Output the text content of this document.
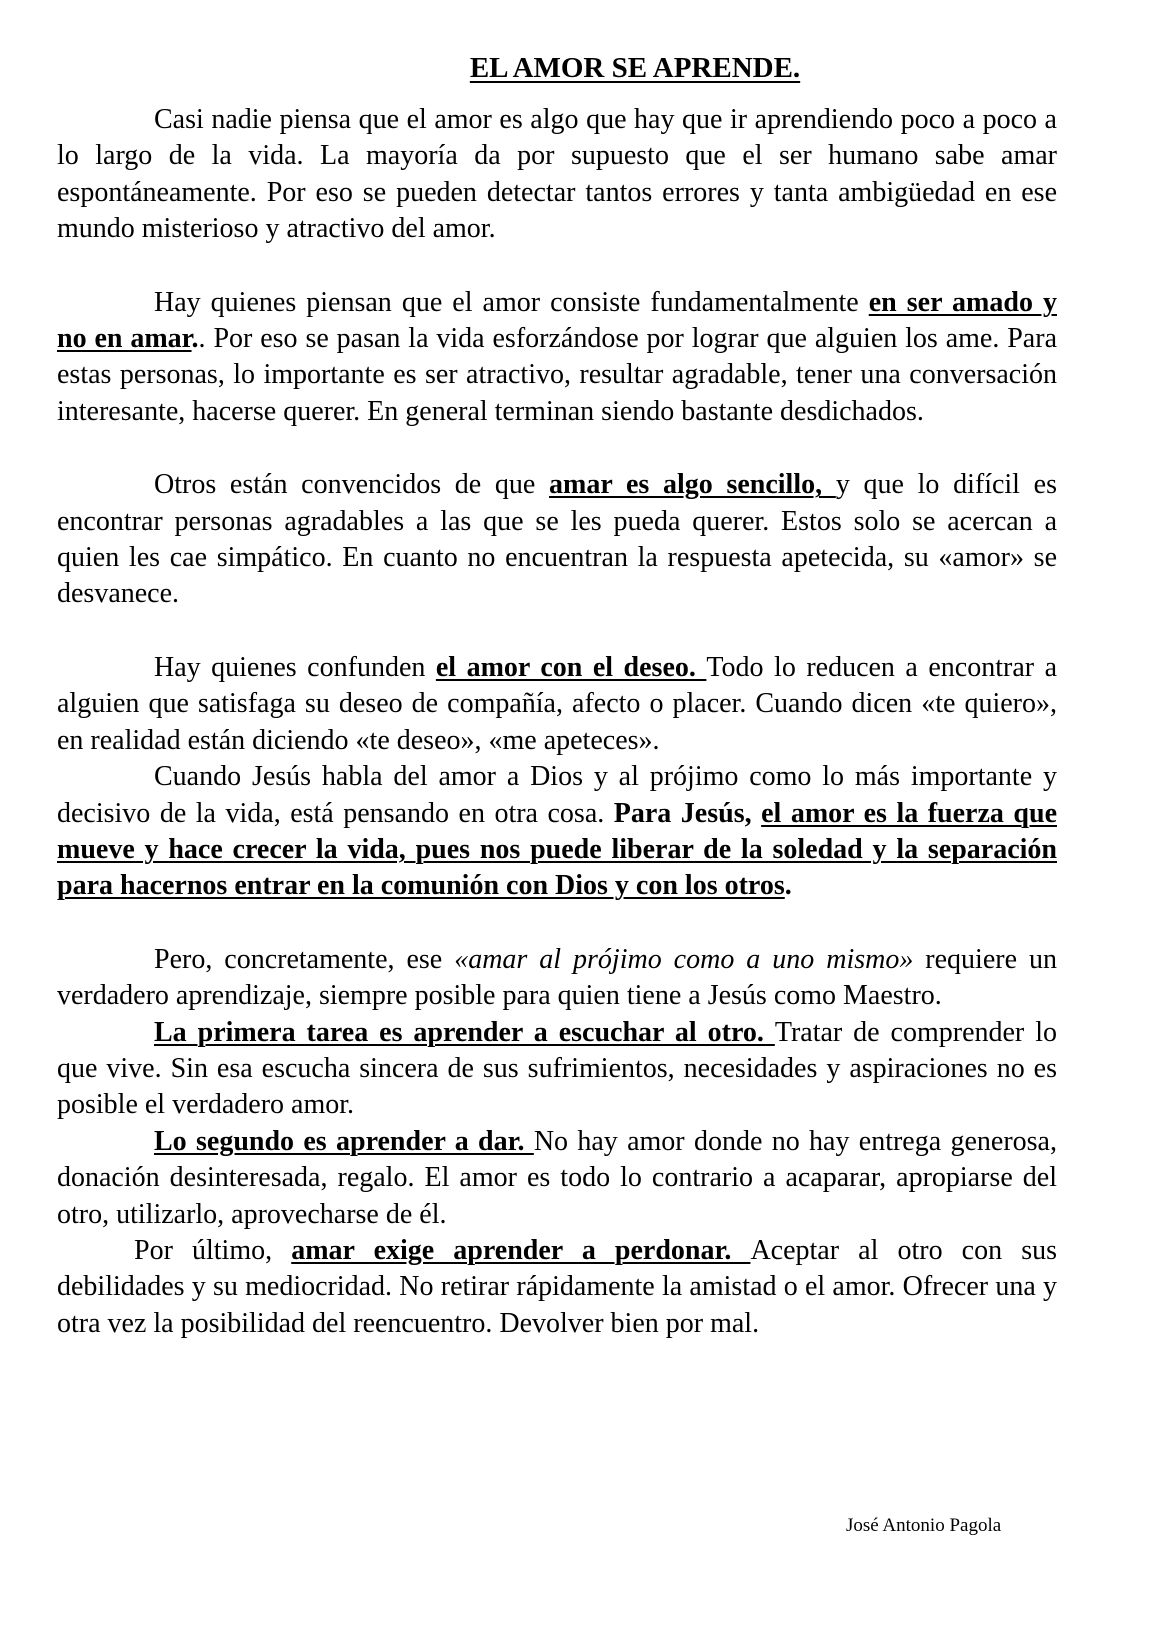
EL AMOR SE APRENDE.

Casi nadie piensa que el amor es algo que hay que ir aprendiendo poco a poco a lo largo de la vida. La mayoría da por supuesto que el ser humano sabe amar espontáneamente. Por eso se pueden detectar tantos errores y tanta ambigüedad en ese mundo misterioso y atractivo del amor.

Hay quienes piensan que el amor consiste fundamentalmente en ser amado y no en amar.. Por eso se pasan la vida esforzándose por lograr que alguien los ame. Para estas personas, lo importante es ser atractivo, resultar agradable, tener una conversación interesante, hacerse querer. En general terminan siendo bastante desdichados.

Otros están convencidos de que amar es algo sencillo, y que lo difícil es encontrar personas agradables a las que se les pueda querer. Estos solo se acercan a quien les cae simpático. En cuanto no encuentran la respuesta apetecida, su «amor» se desvanece.

Hay quienes confunden el amor con el deseo. Todo lo reducen a encontrar a alguien que satisfaga su deseo de compañía, afecto o placer. Cuando dicen «te quiero», en realidad están diciendo «te deseo», «me apeteces».

Cuando Jesús habla del amor a Dios y al prójimo como lo más importante y decisivo de la vida, está pensando en otra cosa. Para Jesús, el amor es la fuerza que mueve y hace crecer la vida, pues nos puede liberar de la soledad y la separación para hacernos entrar en la comunión con Dios y con los otros.

Pero, concretamente, ese «amar al prójimo como a uno mismo» requiere un verdadero aprendizaje, siempre posible para quien tiene a Jesús como Maestro.

La primera tarea es aprender a escuchar al otro. Tratar de comprender lo que vive. Sin esa escucha sincera de sus sufrimientos, necesidades y aspiraciones no es posible el verdadero amor.

Lo segundo es aprender a dar. No hay amor donde no hay entrega generosa, donación desinteresada, regalo. El amor es todo lo contrario a acaparar, apropiarse del otro, utilizarlo, aprovecharse de él.

Por último, amar exige aprender a perdonar. Aceptar al otro con sus debilidades y su mediocridad. No retirar rápidamente la amistad o el amor. Ofrecer una y otra vez la posibilidad del reencuentro. Devolver bien por mal.

José Antonio Pagola
